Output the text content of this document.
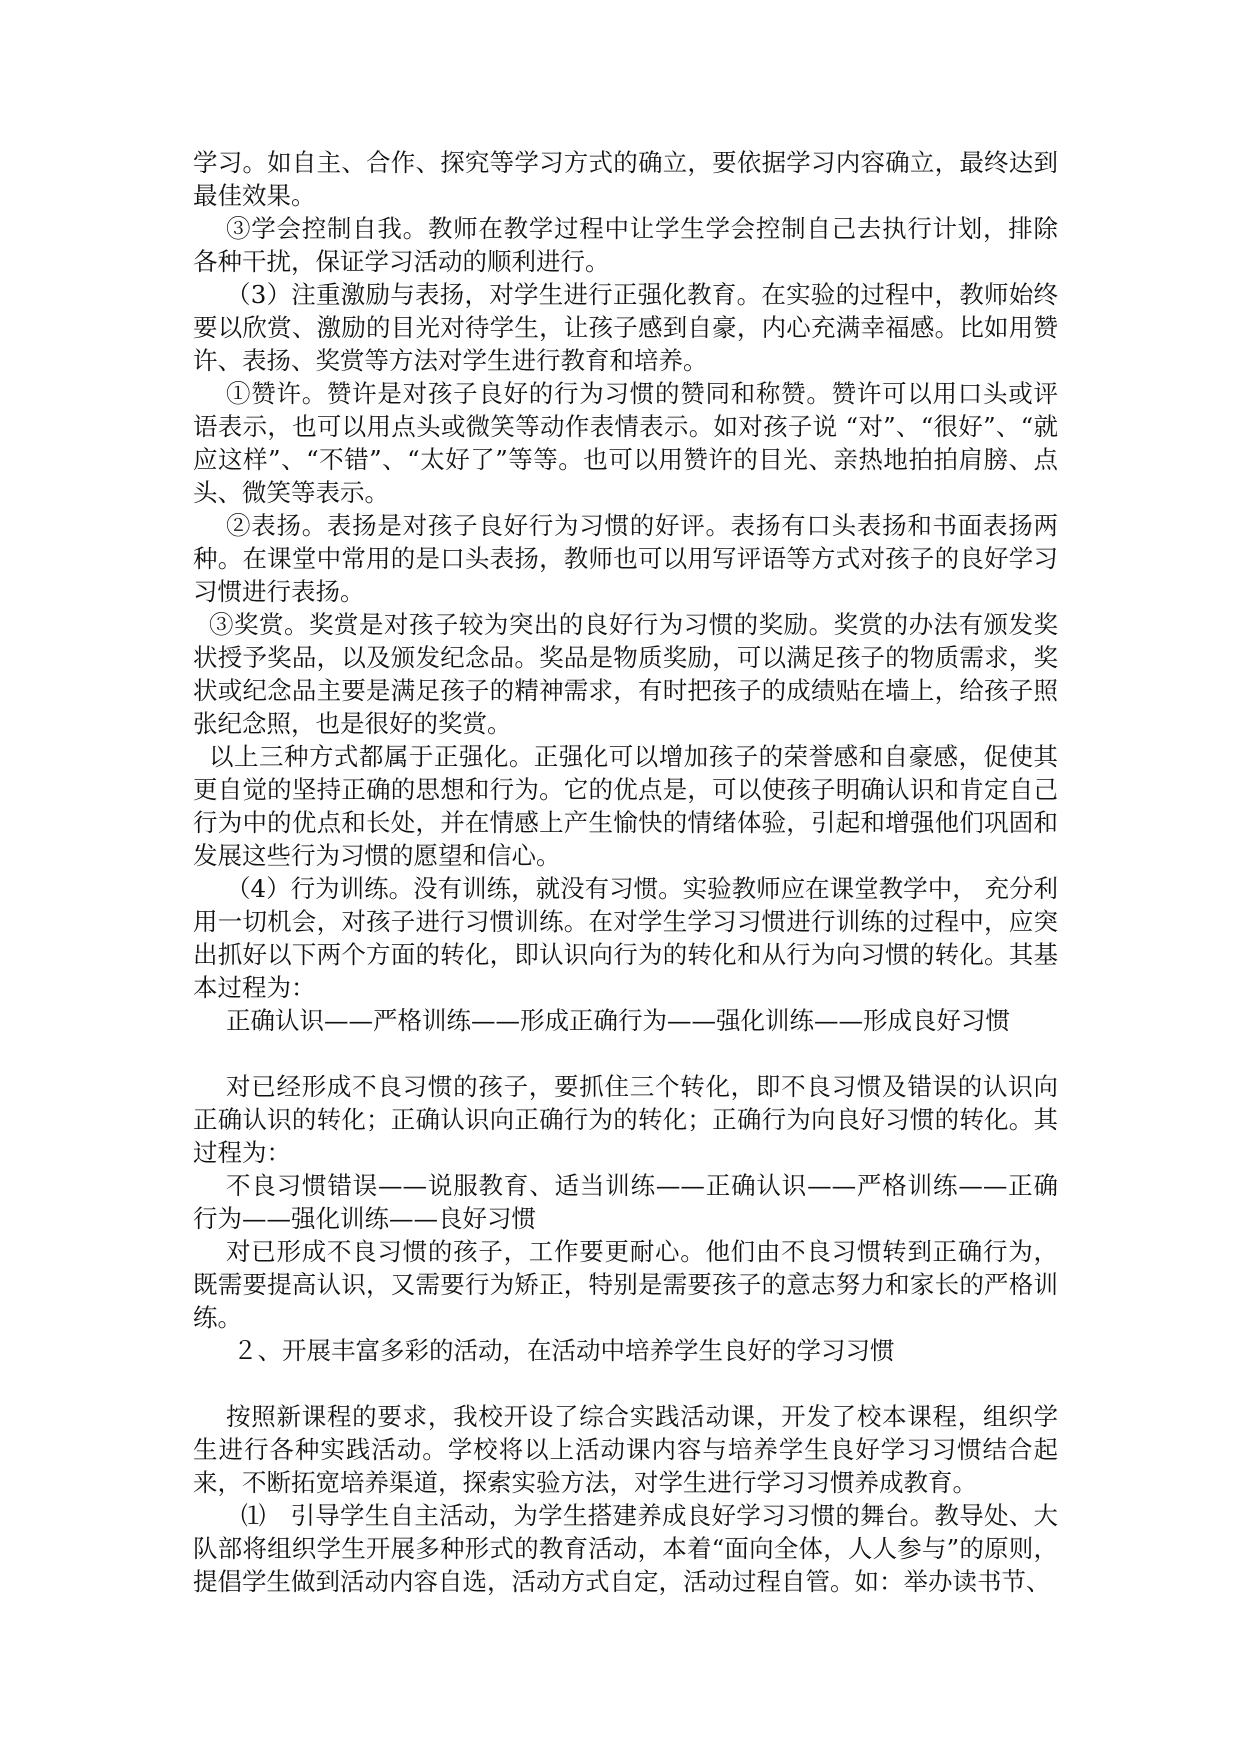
学习。如自主、合作、探究等学习方式的确立，要依据学习内容确立，最终达到最佳效果。

③学会控制自我。教师在教学过程中让学生学会控制自己去执行计划，排除各种干扰，保证学习活动的顺利进行。

（3）注重激励与表扬，对学生进行正强化教育。在实验的过程中，教师始终要以欣赏、激励的目光对待学生，让孩子感到自豪，内心充满幸福感。比如用赞许、表扬、奖赏等方法对学生进行教育和培养。

①赞许。赞许是对孩子良好的行为习惯的赞同和称赞。赞许可以用口头或评语表示，也可以用点头或微笑等动作表情表示。如对孩子说 “对”、“很好”、“就应这样”、“不错”、“太好了”等等。也可以用赞许的目光、亲热地拍拍肩膀、点头、微笑等表示。

②表扬。表扬是对孩子良好行为习惯的好评。表扬有口头表扬和书面表扬两种。在课堂中常用的是口头表扬，教师也可以用写评语等方式对孩子的良好学习习惯进行表扬。

③奖赏。奖赏是对孩子较为突出的良好行为习惯的奖励。奖赏的办法有颁发奖状授予奖品，以及颁发纪念品。奖品是物质奖励，可以满足孩子的物质需求，奖状或纪念品主要是满足孩子的精神需求，有时把孩子的成绩贴在墙上，给孩子照张纪念照，也是很好的奖赏。

以上三种方式都属于正强化。正强化可以增加孩子的荣誉感和自豪感，促使其更自觉的坚持正确的思想和行为。它的优点是，可以使孩子明确认识和肯定自己行为中的优点和长处，并在情感上产生愉快的情绪体验，引起和增强他们巩固和发展这些行为习惯的愿望和信心。

（4）行为训练。没有训练，就没有习惯。实验教师应在课堂教学中， 充分利用一切机会，对孩子进行习惯训练。在对学生学习习惯进行训练的过程中，应突出抓好以下两个方面的转化，即认识向行为的转化和从行为向习惯的转化。其基本过程为：

正确认识——严格训练——形成正确行为——强化训练——形成良好习惯

对已经形成不良习惯的孩子，要抓住三个转化，即不良习惯及错误的认识向正确认识的转化；正确认识向正确行为的转化；正确行为向良好习惯的转化。其过程为：

不良习惯错误——说服教育、适当训练——正确认识——严格训练——正确行为——强化训练——良好习惯

对已形成不良习惯的孩子，工作要更耐心。他们由不良习惯转到正确行为，既需要提高认识，又需要行为矫正，特别是需要孩子的意志努力和家长的严格训练。

２、开展丰富多彩的活动，在活动中培养学生良好的学习习惯

按照新课程的要求，我校开设了综合实践活动课，开发了校本课程，组织学生进行各种实践活动。学校将以上活动课内容与培养学生良好学习习惯结合起来，不断拓宽培养渠道，探索实验方法，对学生进行学习习惯养成教育。

⑴　引导学生自主活动，为学生搭建养成良好学习习惯的舞台。教导处、大队部将组织学生开展多种形式的教育活动，本着“面向全体，人人参与”的原则，提倡学生做到活动内容自选，活动方式自定，活动过程自管。如：举办读书节、
